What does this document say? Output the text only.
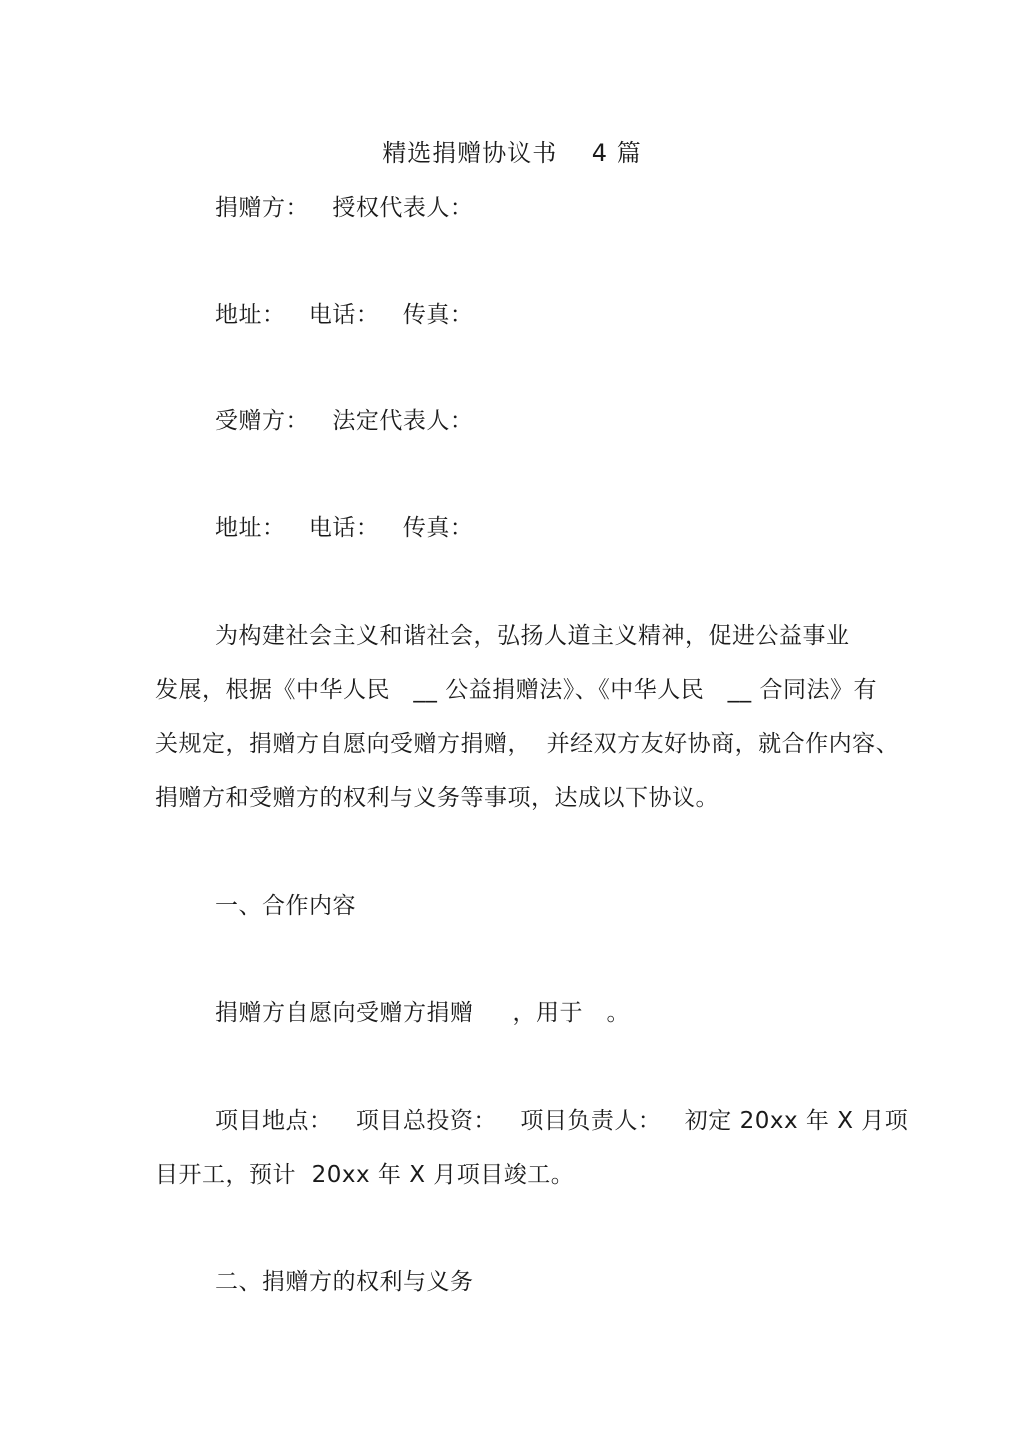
精选捐赠协议书    4 篇
捐赠方：   授权代表人：
地址：   电话：   传真：
受赠方：   法定代表人：
地址：   电话：   传真：
为构建社会主义和谐社会，弘扬人道主义精神，促进公益事业
发展，根据《中华人民   __ 公益捐赠法》、《中华人民   __ 合同法》有
关规定，捐赠方自愿向受赠方捐赠，  并经双方友好协商，就合作内容、
捐赠方和受赠方的权利与义务等事项，达成以下协议。
一、合作内容
捐赠方自愿向受赠方捐赠     ，用于   。
项目地点：   项目总投资：   项目负责人：   初定 20xx 年 X 月项
目开工，预计  20xx 年 X 月项目竣工。
二、捐赠方的权利与义务
